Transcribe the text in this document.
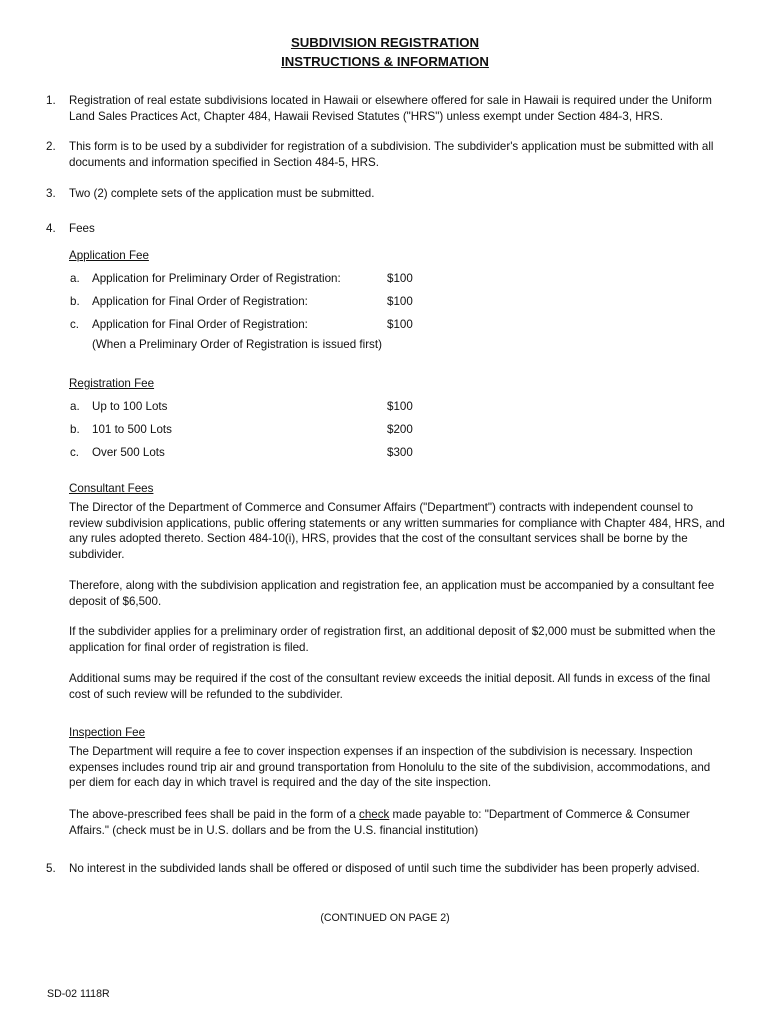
SUBDIVISION REGISTRATION
INSTRUCTIONS & INFORMATION
1.	Registration of real estate subdivisions located in Hawaii or elsewhere offered for sale in Hawaii is required under the Uniform Land Sales Practices Act, Chapter 484, Hawaii Revised Statutes ("HRS") unless exempt under Section 484-3, HRS.
2.	This form is to be used by a subdivider for registration of a subdivision. The subdivider's application must be submitted with all documents and information specified in Section 484-5, HRS.
3.	Two (2) complete sets of the application must be submitted.
4.	Fees
Application Fee
a. Application for Preliminary Order of Registration:	$100
b. Application for Final Order of Registration:	$100
c. Application for Final Order of Registration:	$100
(When a Preliminary Order of Registration is issued first)
Registration Fee
a. Up to 100 Lots	$100
b. 101 to 500 Lots	$200
c. Over 500 Lots	$300
Consultant Fees
The Director of the Department of Commerce and Consumer Affairs ("Department") contracts with independent counsel to review subdivision applications, public offering statements or any written summaries for compliance with Chapter 484, HRS, and any rules adopted thereto. Section 484-10(i), HRS, provides that the cost of the consultant services shall be borne by the subdivider.
Therefore, along with the subdivision application and registration fee, an application must be accompanied by a consultant fee deposit of $6,500.
If the subdivider applies for a preliminary order of registration first, an additional deposit of $2,000 must be submitted when the application for final order of registration is filed.
Additional sums may be required if the cost of the consultant review exceeds the initial deposit. All funds in excess of the final cost of such review will be refunded to the subdivider.
Inspection Fee
The Department will require a fee to cover inspection expenses if an inspection of the subdivision is necessary. Inspection expenses includes round trip air and ground transportation from Honolulu to the site of the subdivision, accommodations, and per diem for each day in which travel is required and the day of the site inspection.
The above-prescribed fees shall be paid in the form of a check made payable to: "Department of Commerce & Consumer Affairs." (check must be in U.S. dollars and be from the U.S. financial institution)
5.	No interest in the subdivided lands shall be offered or disposed of until such time the subdivider has been properly advised.
(CONTINUED ON PAGE 2)
SD-02 1118R
